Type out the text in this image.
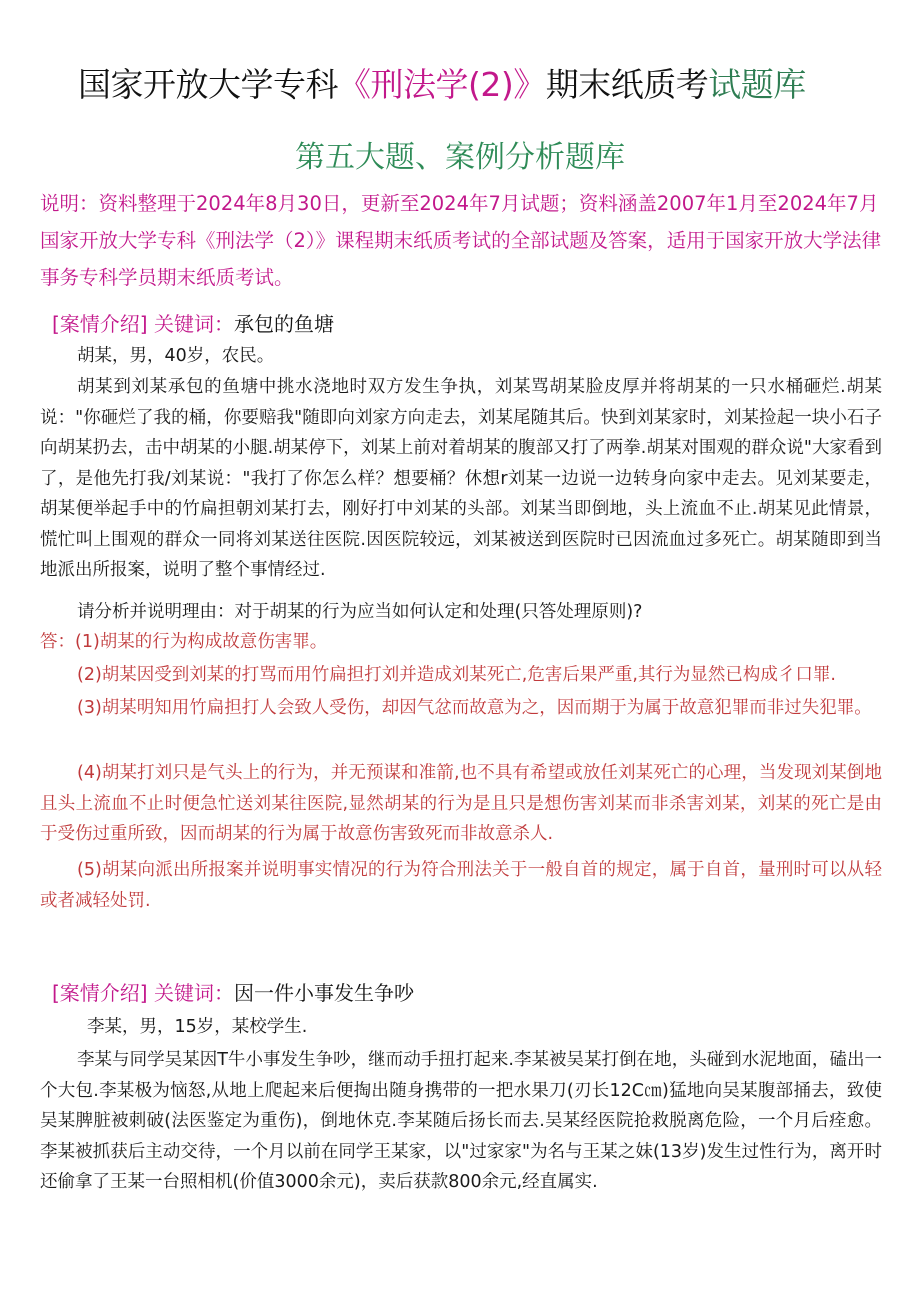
国家开放大学专科《刑法学(2)》期末纸质考试题库
第五大题、案例分析题库
说明：资料整理于2024年8月30日，更新至2024年7月试题；资料涵盖2007年1月至2024年7月国家开放大学专科《刑法学（2）》课程期末纸质考试的全部试题及答案，适用于国家开放大学法律事务专科学员期末纸质考试。
[案情介绍] 关键词：承包的鱼塘
胡某，男，40岁，农民。
胡某到刘某承包的鱼塘中挑水浇地时双方发生争执，刘某骂胡某脸皮厚并将胡某的一只水桶砸烂.胡某说："你砸烂了我的桶，你要赔我"随即向刘家方向走去，刘某尾随其后。快到刘某家时，刘某捡起一块小石子向胡某扔去，击中胡某的小腿.胡某停下，刘某上前对着胡某的腹部又打了两拳.胡某对围观的群众说"大家看到了，是他先打我/刘某说："我打了你怎么样？想要桶？休想r刘某一边说一边转身向家中走去。见刘某要走，胡某便举起手中的竹扁担朝刘某打去，刚好打中刘某的头部。刘某当即倒地，头上流血不止.胡某见此情景，慌忙叫上围观的群众一同将刘某送往医院.因医院较远，刘某被送到医院时已因流血过多死亡。胡某随即到当地派出所报案，说明了整个事情经过.
请分析并说明理由：对于胡某的行为应当如何认定和处理(只答处理原则)?
答：(1)胡某的行为构成故意伤害罪。
(2)胡某因受到刘某的打骂而用竹扁担打刘并造成刘某死亡,危害后果严重,其行为显然已构成彳口罪.
(3)胡某明知用竹扁担打人会致人受伤，却因气忿而故意为之，因而期于为属于故意犯罪而非过失犯罪。
(4)胡某打刘只是气头上的行为，并无预谋和准箭,也不具有希望或放任刘某死亡的心理，当发现刘某倒地且头上流血不止时便急忙送刘某往医院,显然胡某的行为是且只是想伤害刘某而非杀害刘某，刘某的死亡是由于受伤过重所致，因而胡某的行为属于故意伤害致死而非故意杀人.
(5)胡某向派出所报案并说明事实情况的行为符合刑法关于一般自首的规定，属于自首，量刑时可以从轻或者减轻处罚.
[案情介绍] 关键词：因一件小事发生争吵
李某，男，15岁，某校学生.
李某与同学吴某因T牛小事发生争吵，继而动手扭打起来.李某被吴某打倒在地，头碰到水泥地面，磕出一个大包.李某极为恼怒,从地上爬起来后便掏出随身携带的一把水果刀(刃长12C㎝)猛地向吴某腹部捅去，致使吴某脾脏被刺破(法医鉴定为重伤)，倒地休克.李某随后扬长而去.吴某经医院抢救脱离危险，一个月后痊愈。李某被抓获后主动交待，一个月以前在同学王某家，以"过家家"为名与王某之妹(13岁)发生过性行为，离开时还偷拿了王某一台照相机(价值3000余元)，卖后获款800余元,经直属实.
